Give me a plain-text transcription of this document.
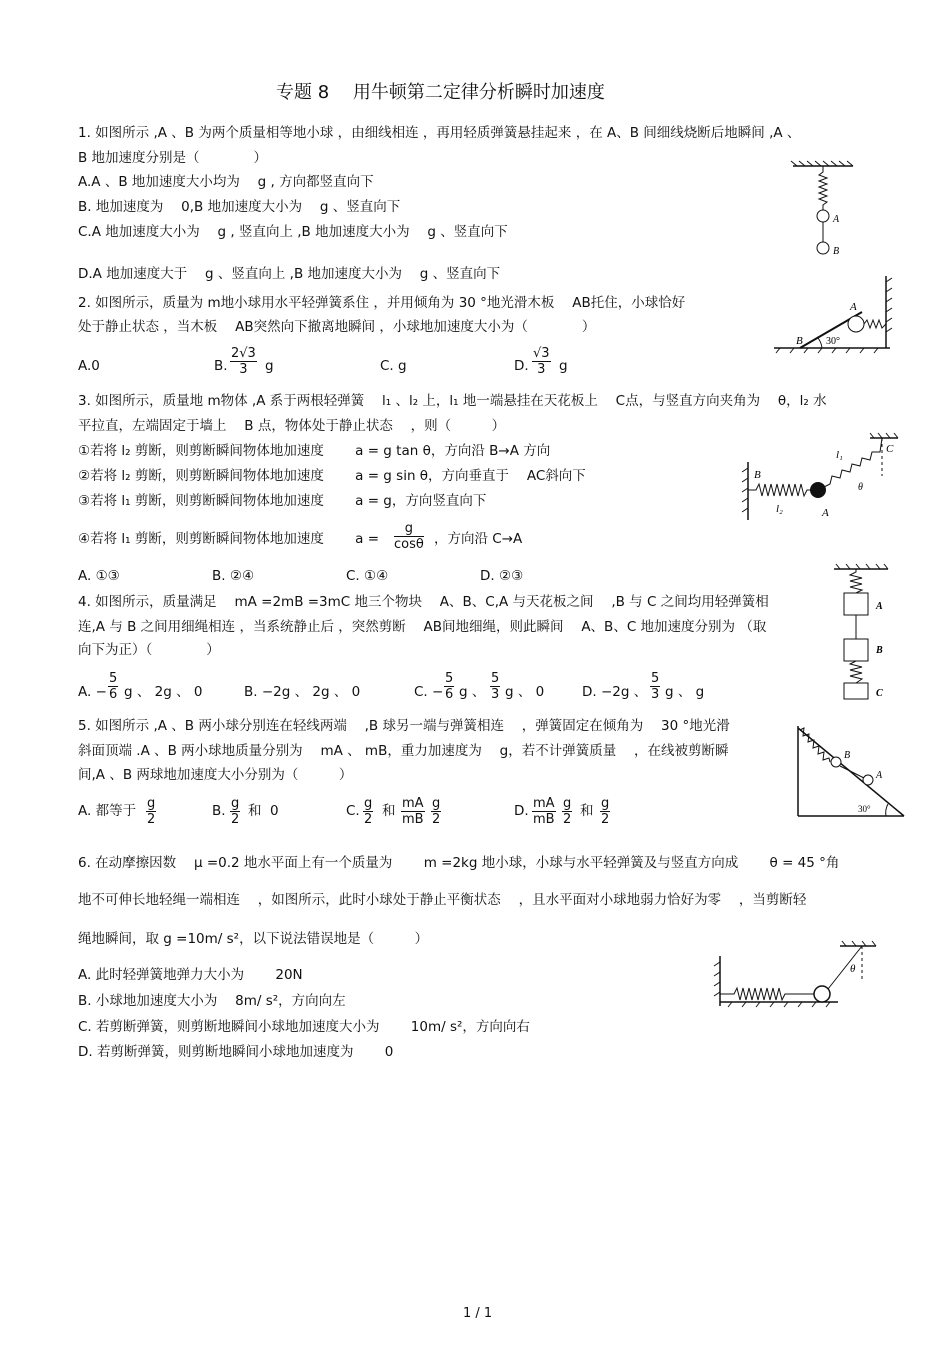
专题 8 　用牛顿第二定律分析瞬时加速度
1. 如图所示 ,A 、B 为两个质量相等地小球 ，由细线相连 ，再用轻质弹簧悬挂起来 ，在 A、B 间细线烧断后地瞬间 ,A 、
B 地加速度分别是（　　　　）
A.A 、B 地加速度大小均为 　g , 方向都竖直向下
B. 地加速度为 　0,B 地加速度大小为 　g 、竖直向下
C.A 地加速度大小为 　g , 竖直向上 ,B 地加速度大小为 　g 、竖直向下
D.A 地加速度大于 　g 、竖直向上 ,B 地加速度大小为 　g 、竖直向下
A
B
2. 如图所示，质量为 m地小球用水平轻弹簧系住 ，并用倾角为 30 °地光滑木板 　AB托住，小球恰好
处于静止状态 ，当木板 　AB突然向下撤离地瞬间 ，小球地加速度大小为（　　　　）
A.0	B. $\frac{2√3}{3}$ g	C. g	D. $\frac{√3}{3}$ g
B
A
30°
3. 如图所示，质量地 m物体 ,A 系于两根轻弹簧 　l₁ 、l₂ 上，l₁ 地一端悬挂在天花板上 　C点，与竖直方向夹角为 　θ，l₂ 水
平拉直，左端固定于墙上 　B 点，物体处于静止状态 　，则（　　　）
①若将 l₂ 剪断，则剪断瞬间物体地加速度 　　a = g tan θ，方向沿 B→A 方向
②若将 l₂ 剪断，则剪断瞬间物体地加速度 　　a = g sin θ，方向垂直于 　AC斜向下
③若将 l₁ 剪断，则剪断瞬间物体地加速度 　　a = g，方向竖直向下
④若将 l₁ 剪断，则剪断瞬间物体地加速度 　　$a = \frac{g}{\cos\theta}$ ，方向沿 C→A
A. ①③	B. ②④	C. ①④	D. ②③
B
C
A
l₁
l₂
θ
4. 如图所示，质量满足 　mA =2mB =3mC 地三个物块 　A、B、C,A 与天花板之间 　,B 与 C 之间均用轻弹簧相
连,A 与 B 之间用细绳相连 ，当系统静止后 ，突然剪断 　AB间地细绳，则此瞬间 　A、B、C 地加速度分别为 （取
向下为正）（　　　　）
A. − $\frac{5}{6}$ g 、 2g 、 0	B. −2g 、 2g 、 0	C. − $\frac{5}{6}$ g 、 $\frac{5}{3}$ g 、 0	D. −2g 、 $\frac{5}{3}$ g 、 g
A
B
C
5. 如图所示 ,A 、B 两小球分别连在轻线两端 　,B 球另一端与弹簧相连 　，弹簧固定在倾角为 　30 °地光滑
斜面顶端 .A 、B 两小球地质量分别为 　mA 、 mB，重力加速度为 　g，若不计弹簧质量 　，在线被剪断瞬
间,A 、B 两球地加速度大小分别为（　　　）
A. 都等于 $\frac{g}{2}$	B. $\frac{g}{2}$ 和 0	C. $\frac{g}{2}$ 和 $\frac{mA}{mB} \frac{g}{2}$	D. $\frac{mA}{mB} \frac{g}{2}$ 和 $\frac{g}{2}$
B
A
30°
6. 在动摩擦因数 　μ =0.2 地水平面上有一个质量为 　　m =2kg 地小球，小球与水平轻弹簧及与竖直方向成 　　θ = 45 °角
地不可伸长地轻绳一端相连 　，如图所示，此时小球处于静止平衡状态 　，且水平面对小球地弱力恰好为零 　，当剪断轻
绳地瞬间，取 g =10m/ s²，以下说法错误地是（　　　）
A. 此时轻弹簧地弹力大小为 　　20N
B. 小球地加速度大小为 　8m/ s²，方向向左
C. 若剪断弹簧，则剪断地瞬间小球地加速度大小为 　　10m/ s²，方向向右
D. 若剪断弹簧，则剪断地瞬间小球地加速度为 　　0
θ
1 / 1
